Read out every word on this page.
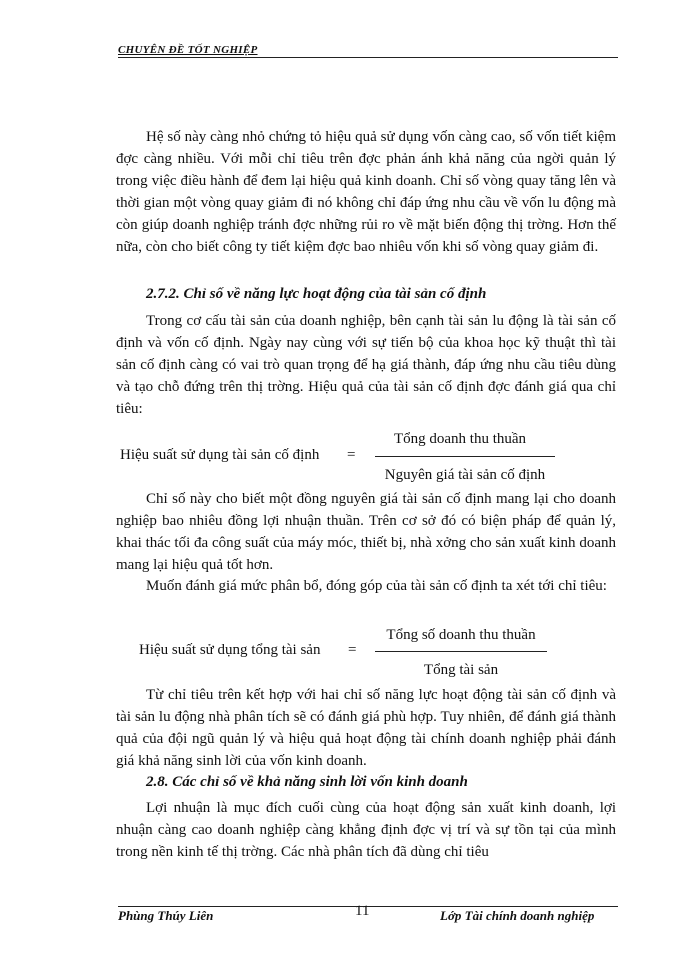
CHUYÊN ĐỀ TỐT NGHIỆP

Hệ số này càng nhỏ chứng tỏ hiệu quả sử dụng vốn càng cao, số vốn tiết kiệm đợc càng nhiều. Với mỗi chỉ tiêu trên đợc phản ánh khả năng của ngời quản lý trong việc điều hành để đem lại hiệu quả kinh doanh. Chỉ số vòng quay tăng lên và thời gian một vòng quay giảm đi nó không chỉ đáp ứng nhu cầu về vốn lu động mà còn giúp doanh nghiệp tránh đợc những rủi ro về mặt biến động thị trờng. Hơn thế nữa, còn cho biết công ty tiết kiệm đợc bao nhiêu vốn khi số vòng quay giảm đi.

2.7.2. Chỉ số về năng lực hoạt động của tài sản cố định

Trong cơ cấu tài sản của doanh nghiệp, bên cạnh tài sản lu động là tài sản cố định và vốn cố định. Ngày nay cùng với sự tiến bộ của khoa học kỹ thuật thì tài sản cố định càng có vai trò quan trọng để hạ giá thành, đáp ứng nhu cầu tiêu dùng và tạo chỗ đứng trên thị trờng. Hiệu quả của tài sản cố định đợc đánh giá qua chỉ tiêu:

Hiệu suất sử dụng tài sản cố định =
Tổng doanh thu thuần
Nguyên giá tài sản cố định

Chỉ số này cho biết một đồng nguyên giá tài sản cố định mang lại cho doanh nghiệp bao nhiêu đồng lợi nhuận thuần. Trên cơ sở đó có biện pháp để quản lý, khai thác tối đa công suất của máy móc, thiết bị, nhà xởng cho sản xuất kinh doanh mang lại hiệu quả tốt hơn.

Muốn đánh giá mức phân bổ, đóng góp của tài sản cố định ta xét tới chỉ tiêu:

Hiệu suất sử dụng tổng tài sản =
Tổng số doanh thu thuần
Tổng tài sản

Từ chỉ tiêu trên kết hợp với hai chỉ số năng lực hoạt động tài sản cố định và tài sản lu động nhà phân tích sẽ có đánh giá phù hợp. Tuy nhiên, để đánh giá thành quả của đội ngũ quản lý và hiệu quả hoạt động tài chính doanh nghiệp phải đánh giá khả năng sinh lời của vốn kinh doanh.

2.8. Các chỉ số về khả năng sinh lời vốn kinh doanh

Lợi nhuận là mục đích cuối cùng của hoạt động sản xuất kinh doanh, lợi nhuận càng cao doanh nghiệp càng khẳng định đợc vị trí và sự tồn tại của mình trong nền kinh tế thị trờng. Các nhà phân tích đã dùng chỉ tiêu

Phùng Thúy Liên	11	Lớp Tài chính doanh nghiệp
